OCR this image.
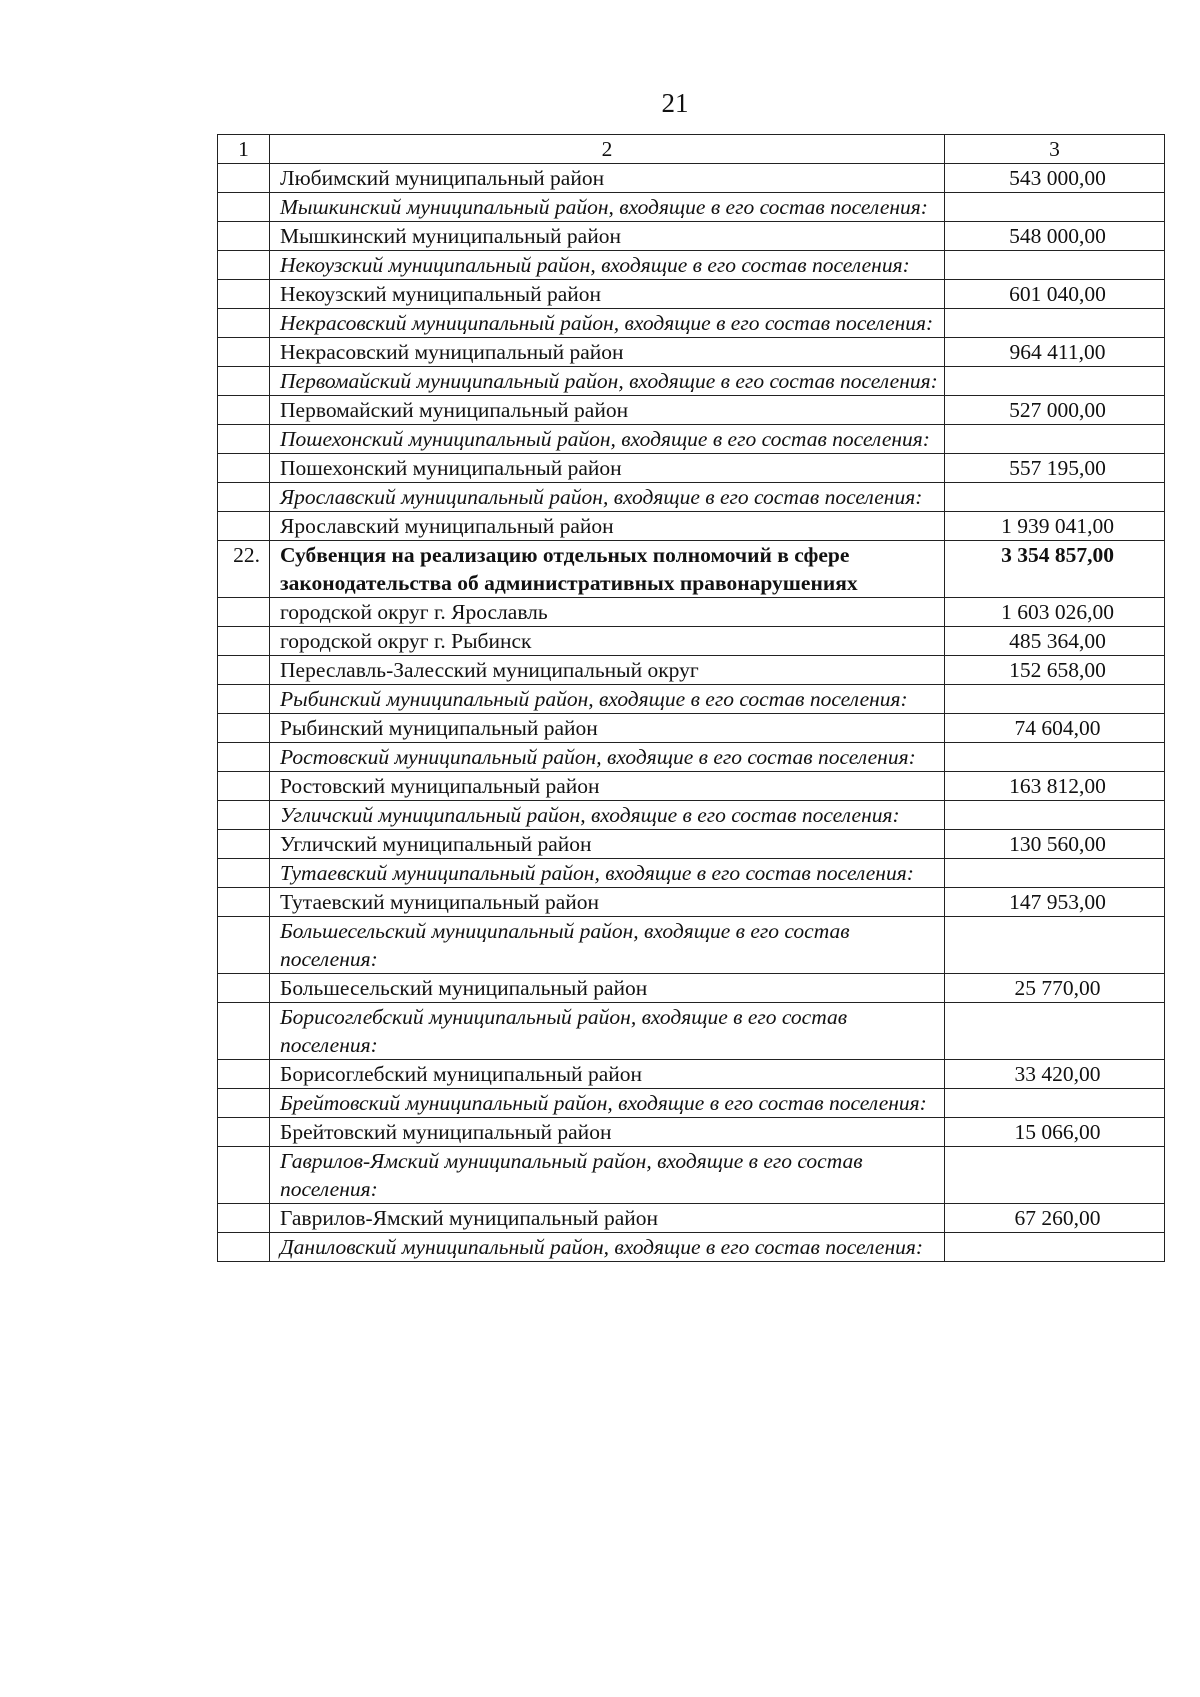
21
1	2	3
	Любимский муниципальный район	543 000,00
	Мышкинский муниципальный район, входящие в его состав поселения:	
	Мышкинский муниципальный район	548 000,00
	Некоузский муниципальный район, входящие в его состав поселения:	
	Некоузский муниципальный район	601 040,00
	Некрасовский муниципальный район, входящие в его состав поселения:	
	Некрасовский муниципальный район	964 411,00
	Первомайский муниципальный район, входящие в его состав поселения:	
	Первомайский муниципальный район	527 000,00
	Пошехонский муниципальный район, входящие в его состав поселения:	
	Пошехонский муниципальный район	557 195,00
	Ярославский муниципальный район, входящие в его состав поселения:	
	Ярославский муниципальный район	1 939 041,00
22.	Субвенция на реализацию отдельных полномочий в сфере законодательства об административных правонарушениях	3 354 857,00
	городской округ г. Ярославль	1 603 026,00
	городской округ г. Рыбинск	485 364,00
	Переславль-Залесский муниципальный округ	152 658,00
	Рыбинский муниципальный район, входящие в его состав поселения:	
	Рыбинский муниципальный район	74 604,00
	Ростовский муниципальный район, входящие в его состав поселения:	
	Ростовский муниципальный район	163 812,00
	Угличский муниципальный район, входящие в его состав поселения:	
	Угличский муниципальный район	130 560,00
	Тутаевский муниципальный район, входящие в его состав поселения:	
	Тутаевский муниципальный район	147 953,00
	Большесельский муниципальный район, входящие в его состав поселения:	
	Большесельский муниципальный район	25 770,00
	Борисоглебский муниципальный район, входящие в его состав поселения:	
	Борисоглебский муниципальный район	33 420,00
	Брейтовский муниципальный район, входящие в его состав поселения:	
	Брейтовский муниципальный район	15 066,00
	Гаврилов-Ямский муниципальный район, входящие в его состав поселения:	
	Гаврилов-Ямский муниципальный район	67 260,00
	Даниловский муниципальный район, входящие в его состав поселения:	
